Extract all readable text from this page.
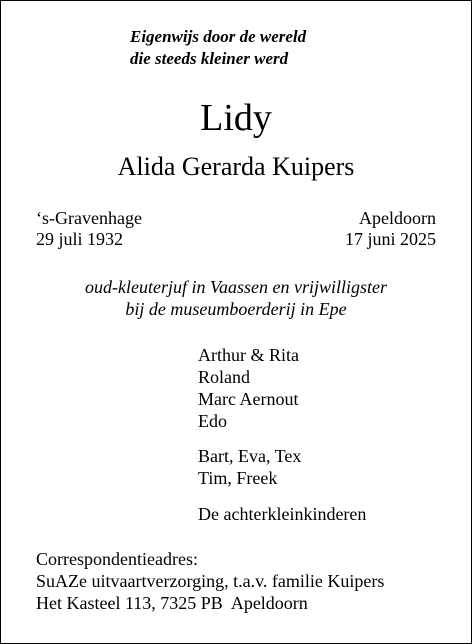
Eigenwijs door de wereld
die steeds kleiner werd
Lidy
Alida Gerarda Kuipers
‘s-Gravenhage
29 juli 1932
Apeldoorn
17 juni 2025
oud-kleuterjuf in Vaassen en vrijwilligster
bij de museumboerderij in Epe
Arthur & Rita
Roland
Marc Aernout
Edo
Bart, Eva, Tex
Tim, Freek
De achterkleinkinderen
Correspondentieadres:
SuAZe uitvaartverzorging, t.a.v. familie Kuipers
Het Kasteel 113, 7325 PB  Apeldoorn
